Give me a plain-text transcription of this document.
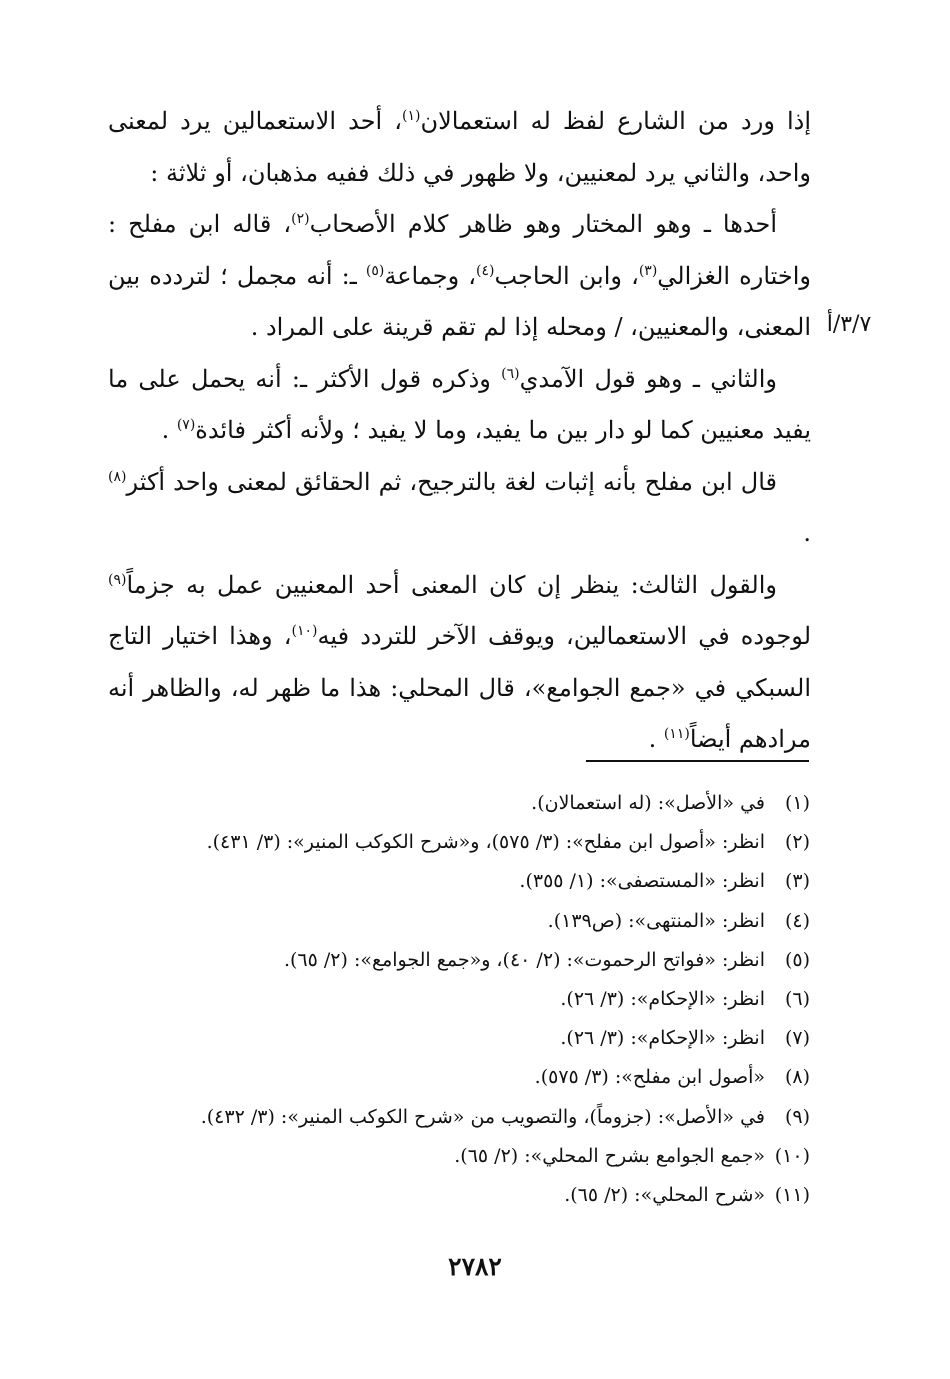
إذا ورد من الشارع لفظ له استعمالان$^{(١)}$، أحد الاستعمالين يرد لمعنى واحد، والثاني يرد لمعنيين، ولا ظهور في ذلك ففيه مذهبان، أو ثلاثة :

أحدها ـ وهو المختار وهو ظاهر كلام الأصحاب$^{(٢)}$، قاله ابن مفلح : واختاره الغزالي$^{(٣)}$، وابن الحاجب$^{(٤)}$، وجماعة$^{(٥)}$ ـ: أنه مجمل ؛ لتردده بين المعنى، والمعنيين، / ومحله إذا لم تقم قرينة على المراد .

والثاني ـ وهو قول الآمدي$^{(٦)}$ وذكره قول الأكثر ـ: أنه يحمل على ما يفيد معنيين كما لو دار بين ما يفيد، وما لا يفيد ؛ ولأنه أكثر فائدة$^{(٧)}$ .

قال ابن مفلح بأنه إثبات لغة بالترجيح، ثم الحقائق لمعنى واحد أكثر$^{(٨)}$ .

والقول الثالث: ينظر إن كان المعنى أحد المعنيين عمل به جزماً$^{(٩)}$ لوجوده في الاستعمالين، ويوقف الآخر للتردد فيه$^{(١٠)}$، وهذا اختيار التاج السبكي في «جمع الجوامع»، قال المحلي: هذا ما ظهر له، والظاهر أنه مرادهم أيضاً$^{(١١)}$ .

٣/٧/أ
(١)
في «الأصل»: (له استعمالان).
(٢)
انظر: «أصول ابن مفلح»: (٣/ ٥٧٥)، و«شرح الكوكب المنير»: (٣/ ٤٣١).
(٣)
انظر: «المستصفى»: (١/ ٣٥٥).
(٤)
انظر: «المنتهى»: (ص١٣٩).
(٥)
انظر: «فواتح الرحموت»: (٢/ ٤٠)، و«جمع الجوامع»: (٢/ ٦٥).
(٦)
انظر: «الإحكام»: (٣/ ٢٦).
(٧)
انظر: «الإحكام»: (٣/ ٢٦).
(٨)
«أصول ابن مفلح»: (٣/ ٥٧٥).
(٩)
في «الأصل»: (جزوماً)، والتصويب من «شرح الكوكب المنير»: (٣/ ٤٣٢).
(١٠)
«جمع الجوامع بشرح المحلي»: (٢/ ٦٥).
(١١)
«شرح المحلي»: (٢/ ٦٥).
٢٧٨٢
